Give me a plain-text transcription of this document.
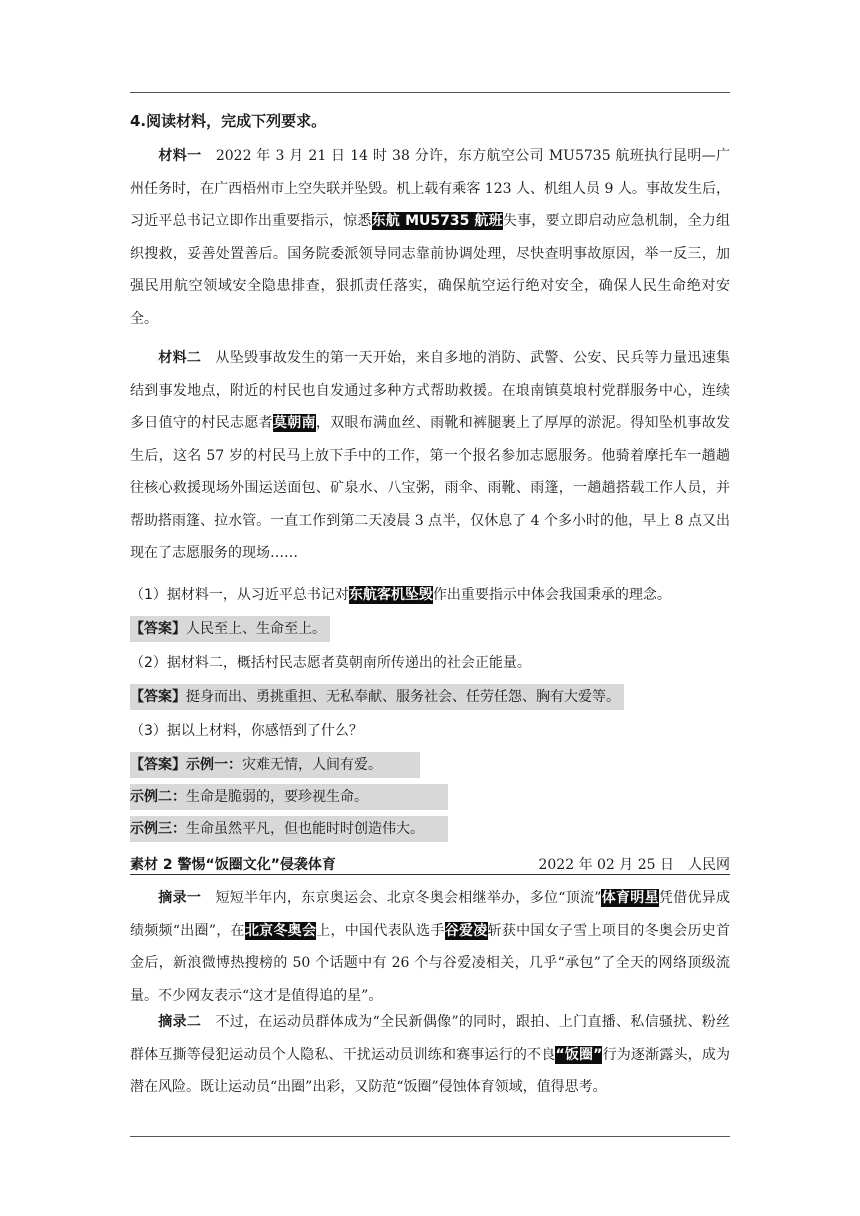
4.阅读材料，完成下列要求。
材料一　 2022 年 3 月 21 日 14 时 38 分许，东方航空公司 MU5735 航班执行昆明—广州任务时，在广西梧州市上空失联并坠毁。机上载有乘客 123 人、机组人员 9 人。事故发生后，习近平总书记立即作出重要指示，惊悉东航 MU5735 航班失事，要立即启动应急机制，全力组织搜救，妥善处置善后。国务院委派领导同志靠前协调处理，尽快查明事故原因，举一反三，加强民用航空领域安全隐患排查，狠抓责任落实，确保航空运行绝对安全，确保人民生命绝对安全。
材料二　 从坠毁事故发生的第一天开始，来自多地的消防、武警、公安、民兵等力量迅速集结到事发地点，附近的村民也自发通过多种方式帮助救援。在埌南镇莫埌村党群服务中心，连续多日值守的村民志愿者莫朝南，双眼布满血丝、雨靴和裤腿裹上了厚厚的淤泥。得知坠机事故发生后，这名 57 岁的村民马上放下手中的工作，第一个报名参加志愿服务。他骑着摩托车一趟趟往核心救援现场外围运送面包、矿泉水、八宝粥，雨伞、雨靴、雨篷，一趟趟搭载工作人员，并帮助搭雨篷、拉水管。一直工作到第二天凌晨 3 点半，仅休息了 4 个多小时的他，早上 8 点又出现在了志愿服务的现场……
（1）据材料一，从习近平总书记对东航客机坠毁作出重要指示中体会我国秉承的理念。
【答案】人民至上、生命至上。
（2）据材料二，概括村民志愿者莫朝南所传递出的社会正能量。
【答案】挺身而出、勇挑重担、无私奉献、服务社会、任劳任怨、胸有大爱等。
（3）据以上材料，你感悟到了什么？
【答案】示例一：灾难无情，人间有爱。
示例二：生命是脆弱的，要珍视生命。
示例三：生命虽然平凡，但也能时时创造伟大。
素材 2 警惕“饭圈文化”侵袭体育	2022 年 02 月 25 日　人民网
摘录一　 短短半年内，东京奥运会、北京冬奥会相继举办，多位“顶流”体育明星凭借优异成绩频频“出圈”，在北京冬奥会上，中国代表队选手谷爱凌斩获中国女子雪上项目的冬奥会历史首金后，新浪微博热搜榜的 50 个话题中有 26 个与谷爱凌相关，几乎“承包”了全天的网络顶级流量。不少网友表示“这才是值得追的星”。
摘录二　 不过，在运动员群体成为“全民新偶像”的同时，跟拍、上门直播、私信骚扰、粉丝群体互撕等侵犯运动员个人隐私、干扰运动员训练和赛事运行的不良“饭圈”行为逐渐露头，成为潜在风险。既让运动员“出圈”出彩，又防范“饭圈”侵蚀体育领域，值得思考。
